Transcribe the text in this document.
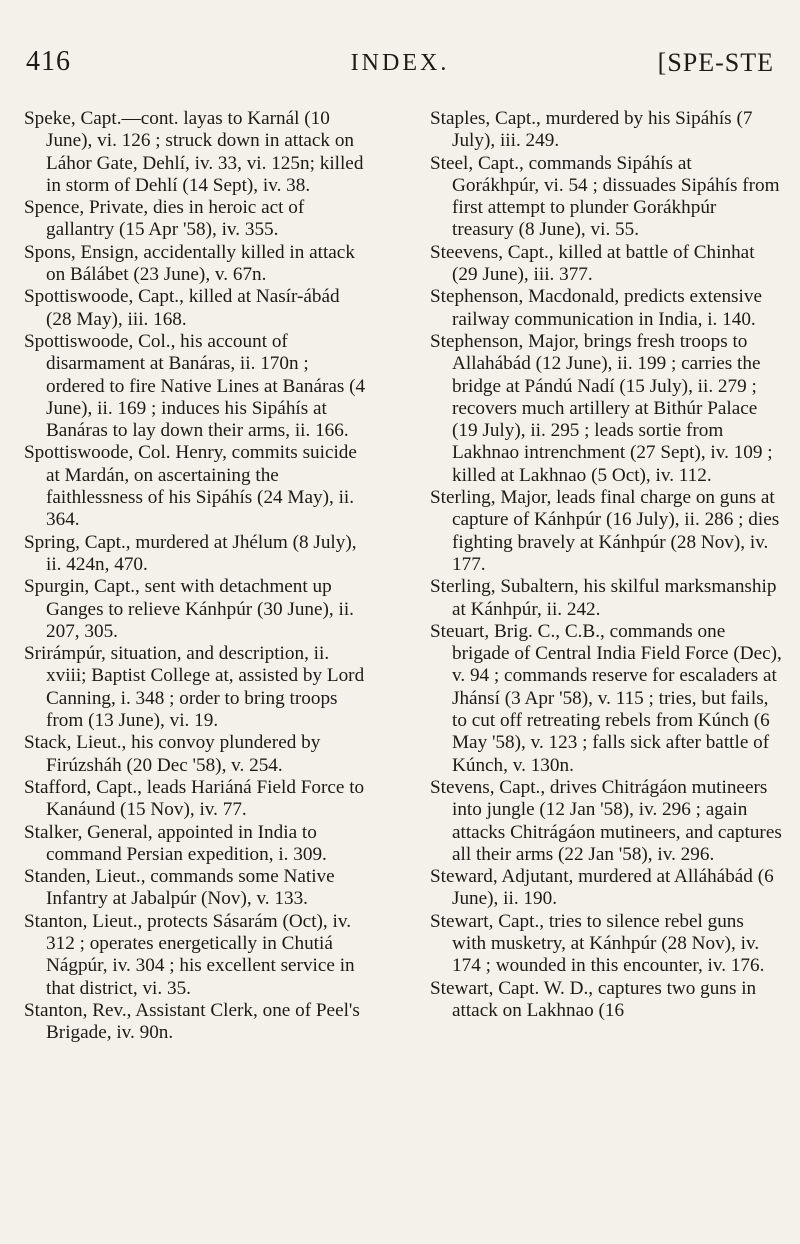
416	INDEX.	[SPE-STE

Speke, Capt.—cont. layas to Karnál (10 June), vi. 126 ; struck down in attack on Láhor Gate, Dehlí, iv. 33, vi. 125n; killed in storm of Dehlí (14 Sept), iv. 38.

Spence, Private, dies in heroic act of gallantry (15 Apr '58), iv. 355.

Spons, Ensign, accidentally killed in attack on Bálábet (23 June), v. 67n.

Spottiswoode, Capt., killed at Nasír-ábád (28 May), iii. 168.

Spottiswoode, Col., his account of disarmament at Banáras, ii. 170n ; ordered to fire Native Lines at Banáras (4 June), ii. 169 ; induces his Sipáhís at Banáras to lay down their arms, ii. 166.

Spottiswoode, Col. Henry, commits suicide at Mardán, on ascertaining the faithlessness of his Sipáhís (24 May), ii. 364.

Spring, Capt., murdered at Jhélum (8 July), ii. 424n, 470.

Spurgin, Capt., sent with detachment up Ganges to relieve Kánhpúr (30 June), ii. 207, 305.

Srirámpúr, situation, and description, ii. xviii; Baptist College at, assisted by Lord Canning, i. 348 ; order to bring troops from (13 June), vi. 19.

Stack, Lieut., his convoy plundered by Firúzsháh (20 Dec '58), v. 254.

Stafford, Capt., leads Hariáná Field Force to Kanáund (15 Nov), iv. 77.

Stalker, General, appointed in India to command Persian expedition, i. 309.

Standen, Lieut., commands some Native Infantry at Jabalpúr (Nov), v. 133.

Stanton, Lieut., protects Sásarám (Oct), iv. 312 ; operates energetically in Chutiá Nágpúr, iv. 304 ; his excellent service in that district, vi. 35.

Stanton, Rev., Assistant Clerk, one of Peel's Brigade, iv. 90n.

Staples, Capt., murdered by his Sipáhís (7 July), iii. 249.

Steel, Capt., commands Sipáhís at Gorákhpúr, vi. 54 ; dissuades Sipáhís from first attempt to plunder Gorákhpúr treasury (8 June), vi. 55.

Steevens, Capt., killed at battle of Chinhat (29 June), iii. 377.

Stephenson, Macdonald, predicts extensive railway communication in India, i. 140.

Stephenson, Major, brings fresh troops to Allahábád (12 June), ii. 199 ; carries the bridge at Pándú Nadí (15 July), ii. 279 ; recovers much artillery at Bithúr Palace (19 July), ii. 295 ; leads sortie from Lakhnao intrenchment (27 Sept), iv. 109 ; killed at Lakhnao (5 Oct), iv. 112.

Sterling, Major, leads final charge on guns at capture of Kánhpúr (16 July), ii. 286 ; dies fighting bravely at Kánhpúr (28 Nov), iv. 177.

Sterling, Subaltern, his skilful marksmanship at Kánhpúr, ii. 242.

Steuart, Brig. C., C.B., commands one brigade of Central India Field Force (Dec), v. 94 ; commands reserve for escaladers at Jhánsí (3 Apr '58), v. 115 ; tries, but fails, to cut off retreating rebels from Kúnch (6 May '58), v. 123 ; falls sick after battle of Kúnch, v. 130n.

Stevens, Capt., drives Chitrágáon mutineers into jungle (12 Jan '58), iv. 296 ; again attacks Chitrágáon mutineers, and captures all their arms (22 Jan '58), iv. 296.

Steward, Adjutant, murdered at Alláhábád (6 June), ii. 190.

Stewart, Capt., tries to silence rebel guns with musketry, at Kánhpúr (28 Nov), iv. 174 ; wounded in this encounter, iv. 176.

Stewart, Capt. W. D., captures two guns in attack on Lakhnao (16
